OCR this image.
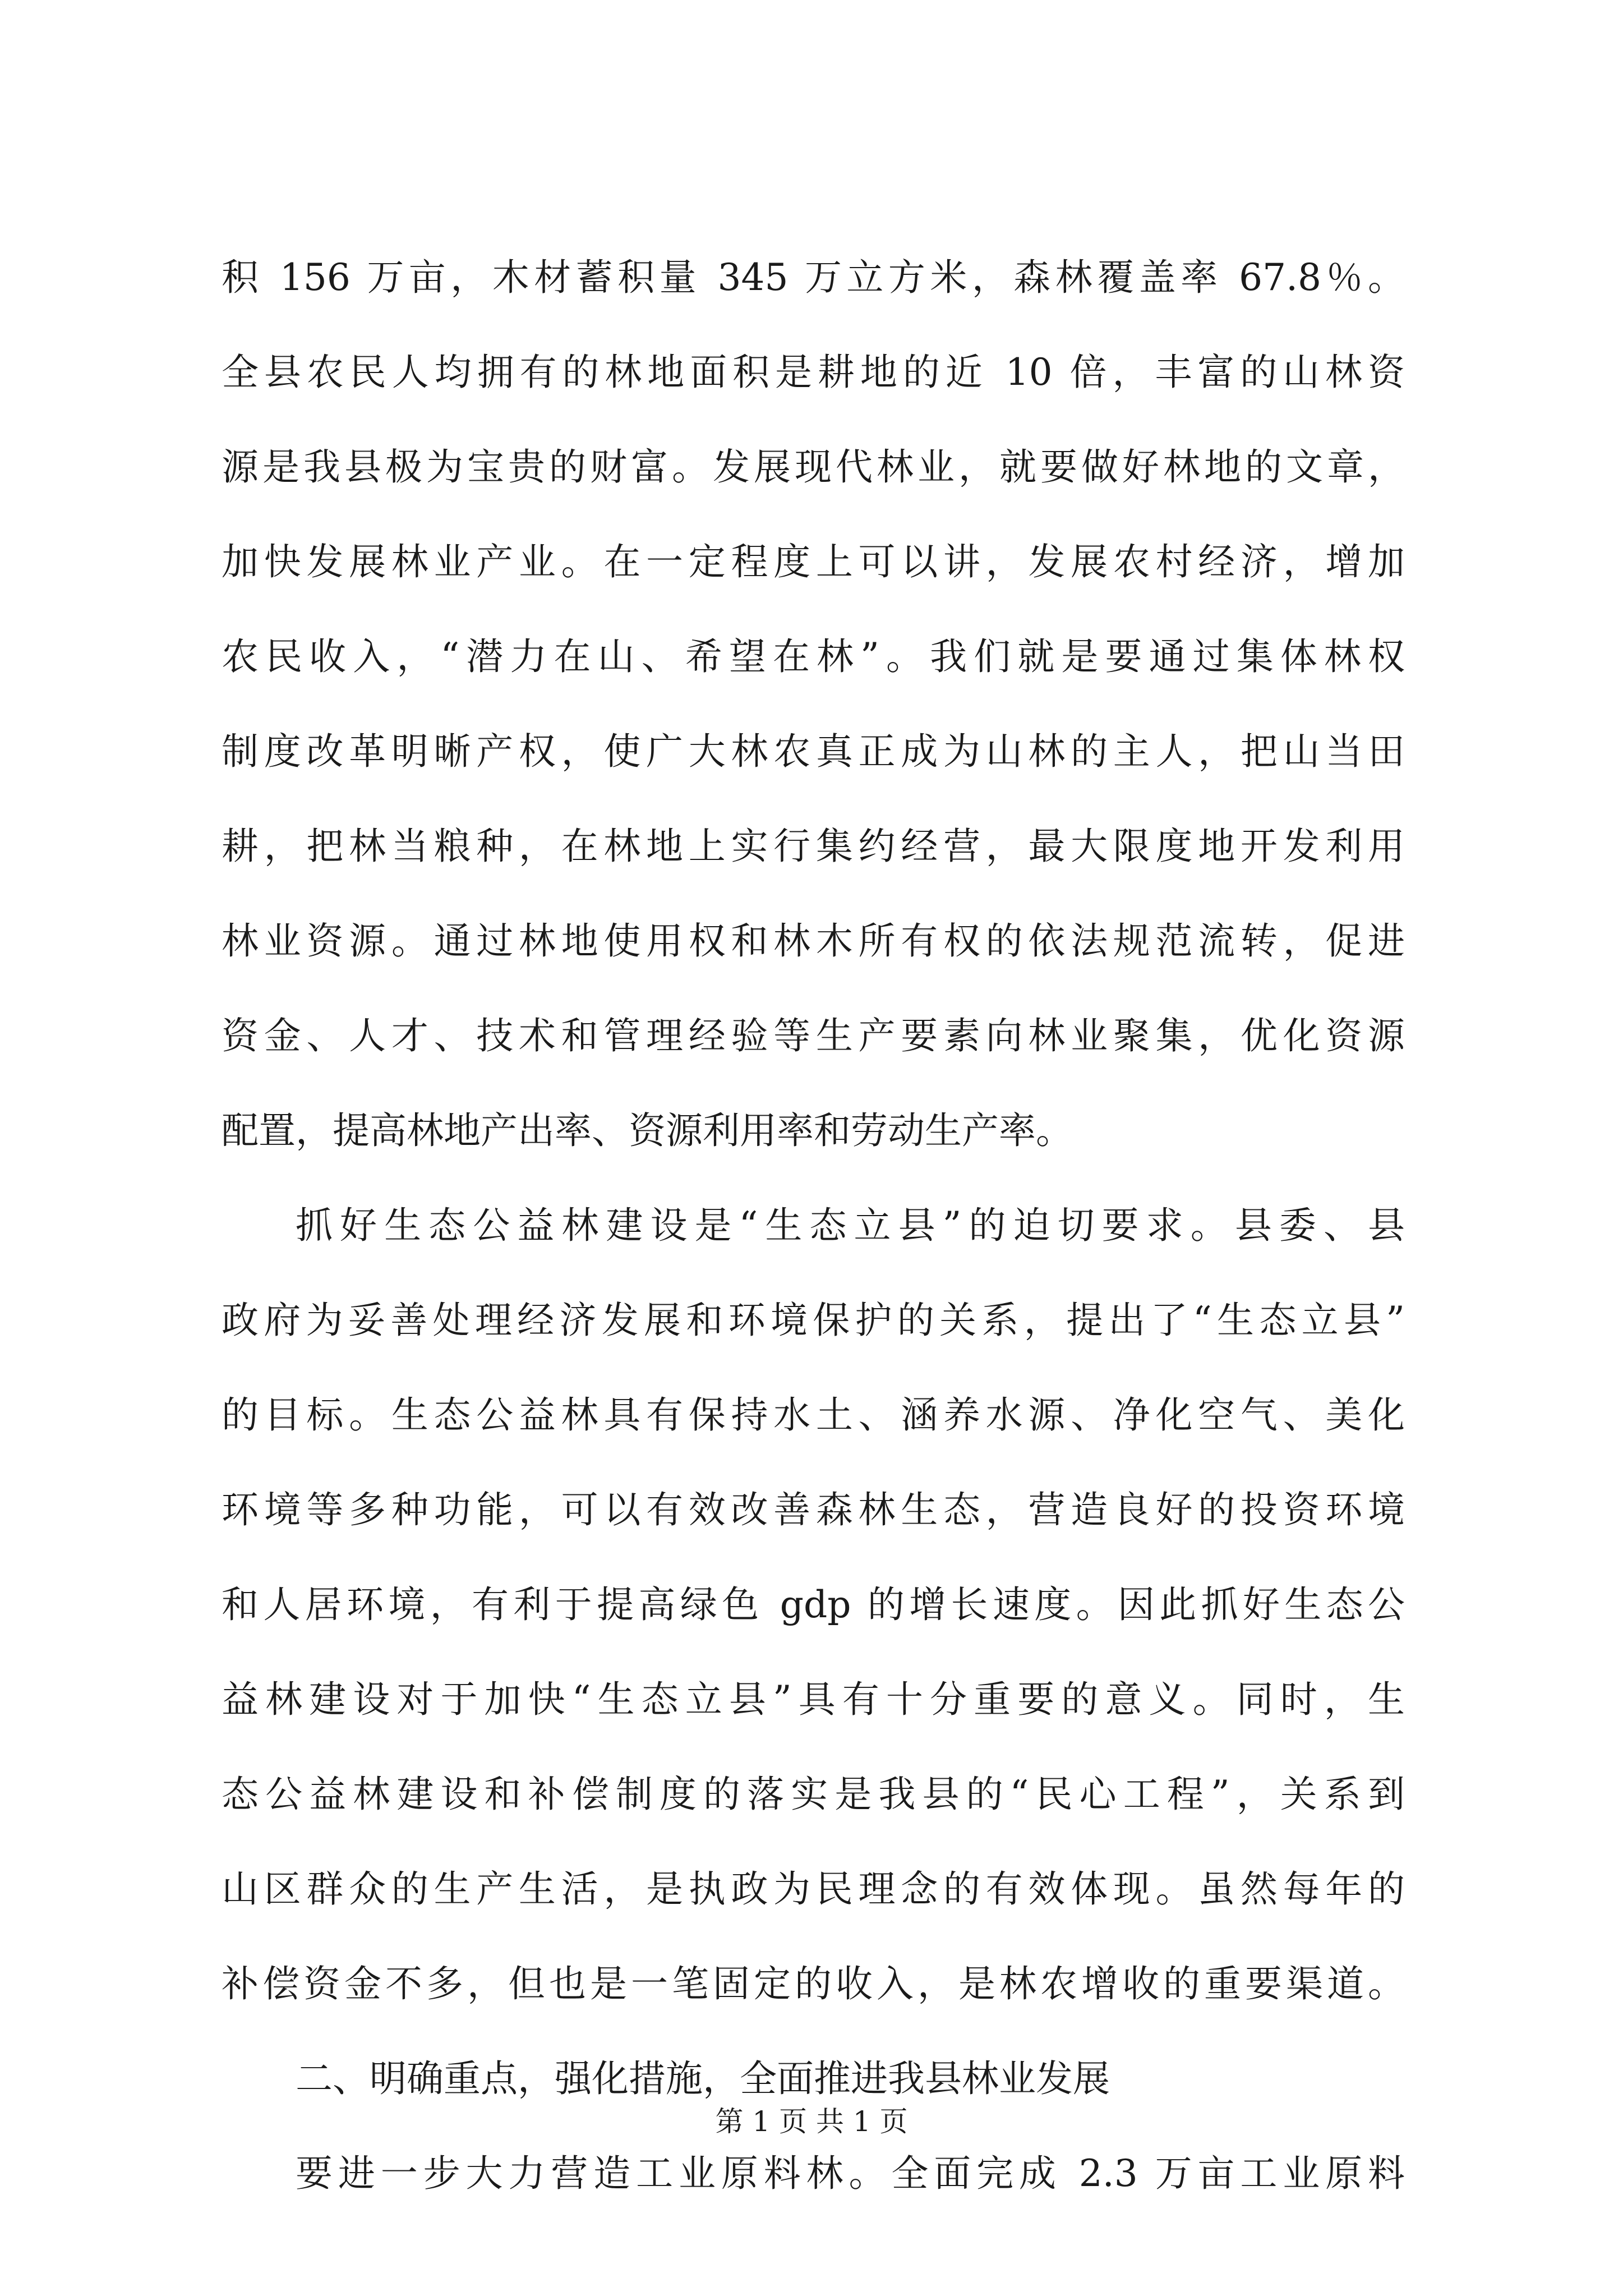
积 156 万亩，木材蓄积量 345 万立方米，森林覆盖率 67.8％。
全县农民人均拥有的林地面积是耕地的近 10 倍，丰富的山林资
源是我县极为宝贵的财富。发展现代林业，就要做好林地的文章，
加快发展林业产业。在一定程度上可以讲，发展农村经济，增加
农民收入，“潜力在山、希望在林”。我们就是要通过集体林权
制度改革明晰产权，使广大林农真正成为山林的主人，把山当田
耕，把林当粮种，在林地上实行集约经营，最大限度地开发利用
林业资源。通过林地使用权和林木所有权的依法规范流转，促进
资金、人才、技术和管理经验等生产要素向林业聚集，优化资源
配置，提高林地产出率、资源利用率和劳动生产率。
抓好生态公益林建设是“生态立县”的迫切要求。县委、县
政府为妥善处理经济发展和环境保护的关系，提出了“生态立县”
的目标。生态公益林具有保持水土、涵养水源、净化空气、美化
环境等多种功能，可以有效改善森林生态，营造良好的投资环境
和人居环境，有利于提高绿色 gdp 的增长速度。因此抓好生态公
益林建设对于加快“生态立县”具有十分重要的意义。同时，生
态公益林建设和补偿制度的落实是我县的“民心工程”，关系到
山区群众的生产生活，是执政为民理念的有效体现。虽然每年的
补偿资金不多，但也是一笔固定的收入，是林农增收的重要渠道。
二、明确重点，强化措施，全面推进我县林业发展
要进一步大力营造工业原料林。全面完成 2.3 万亩工业原料
第 1 页 共 1 页
